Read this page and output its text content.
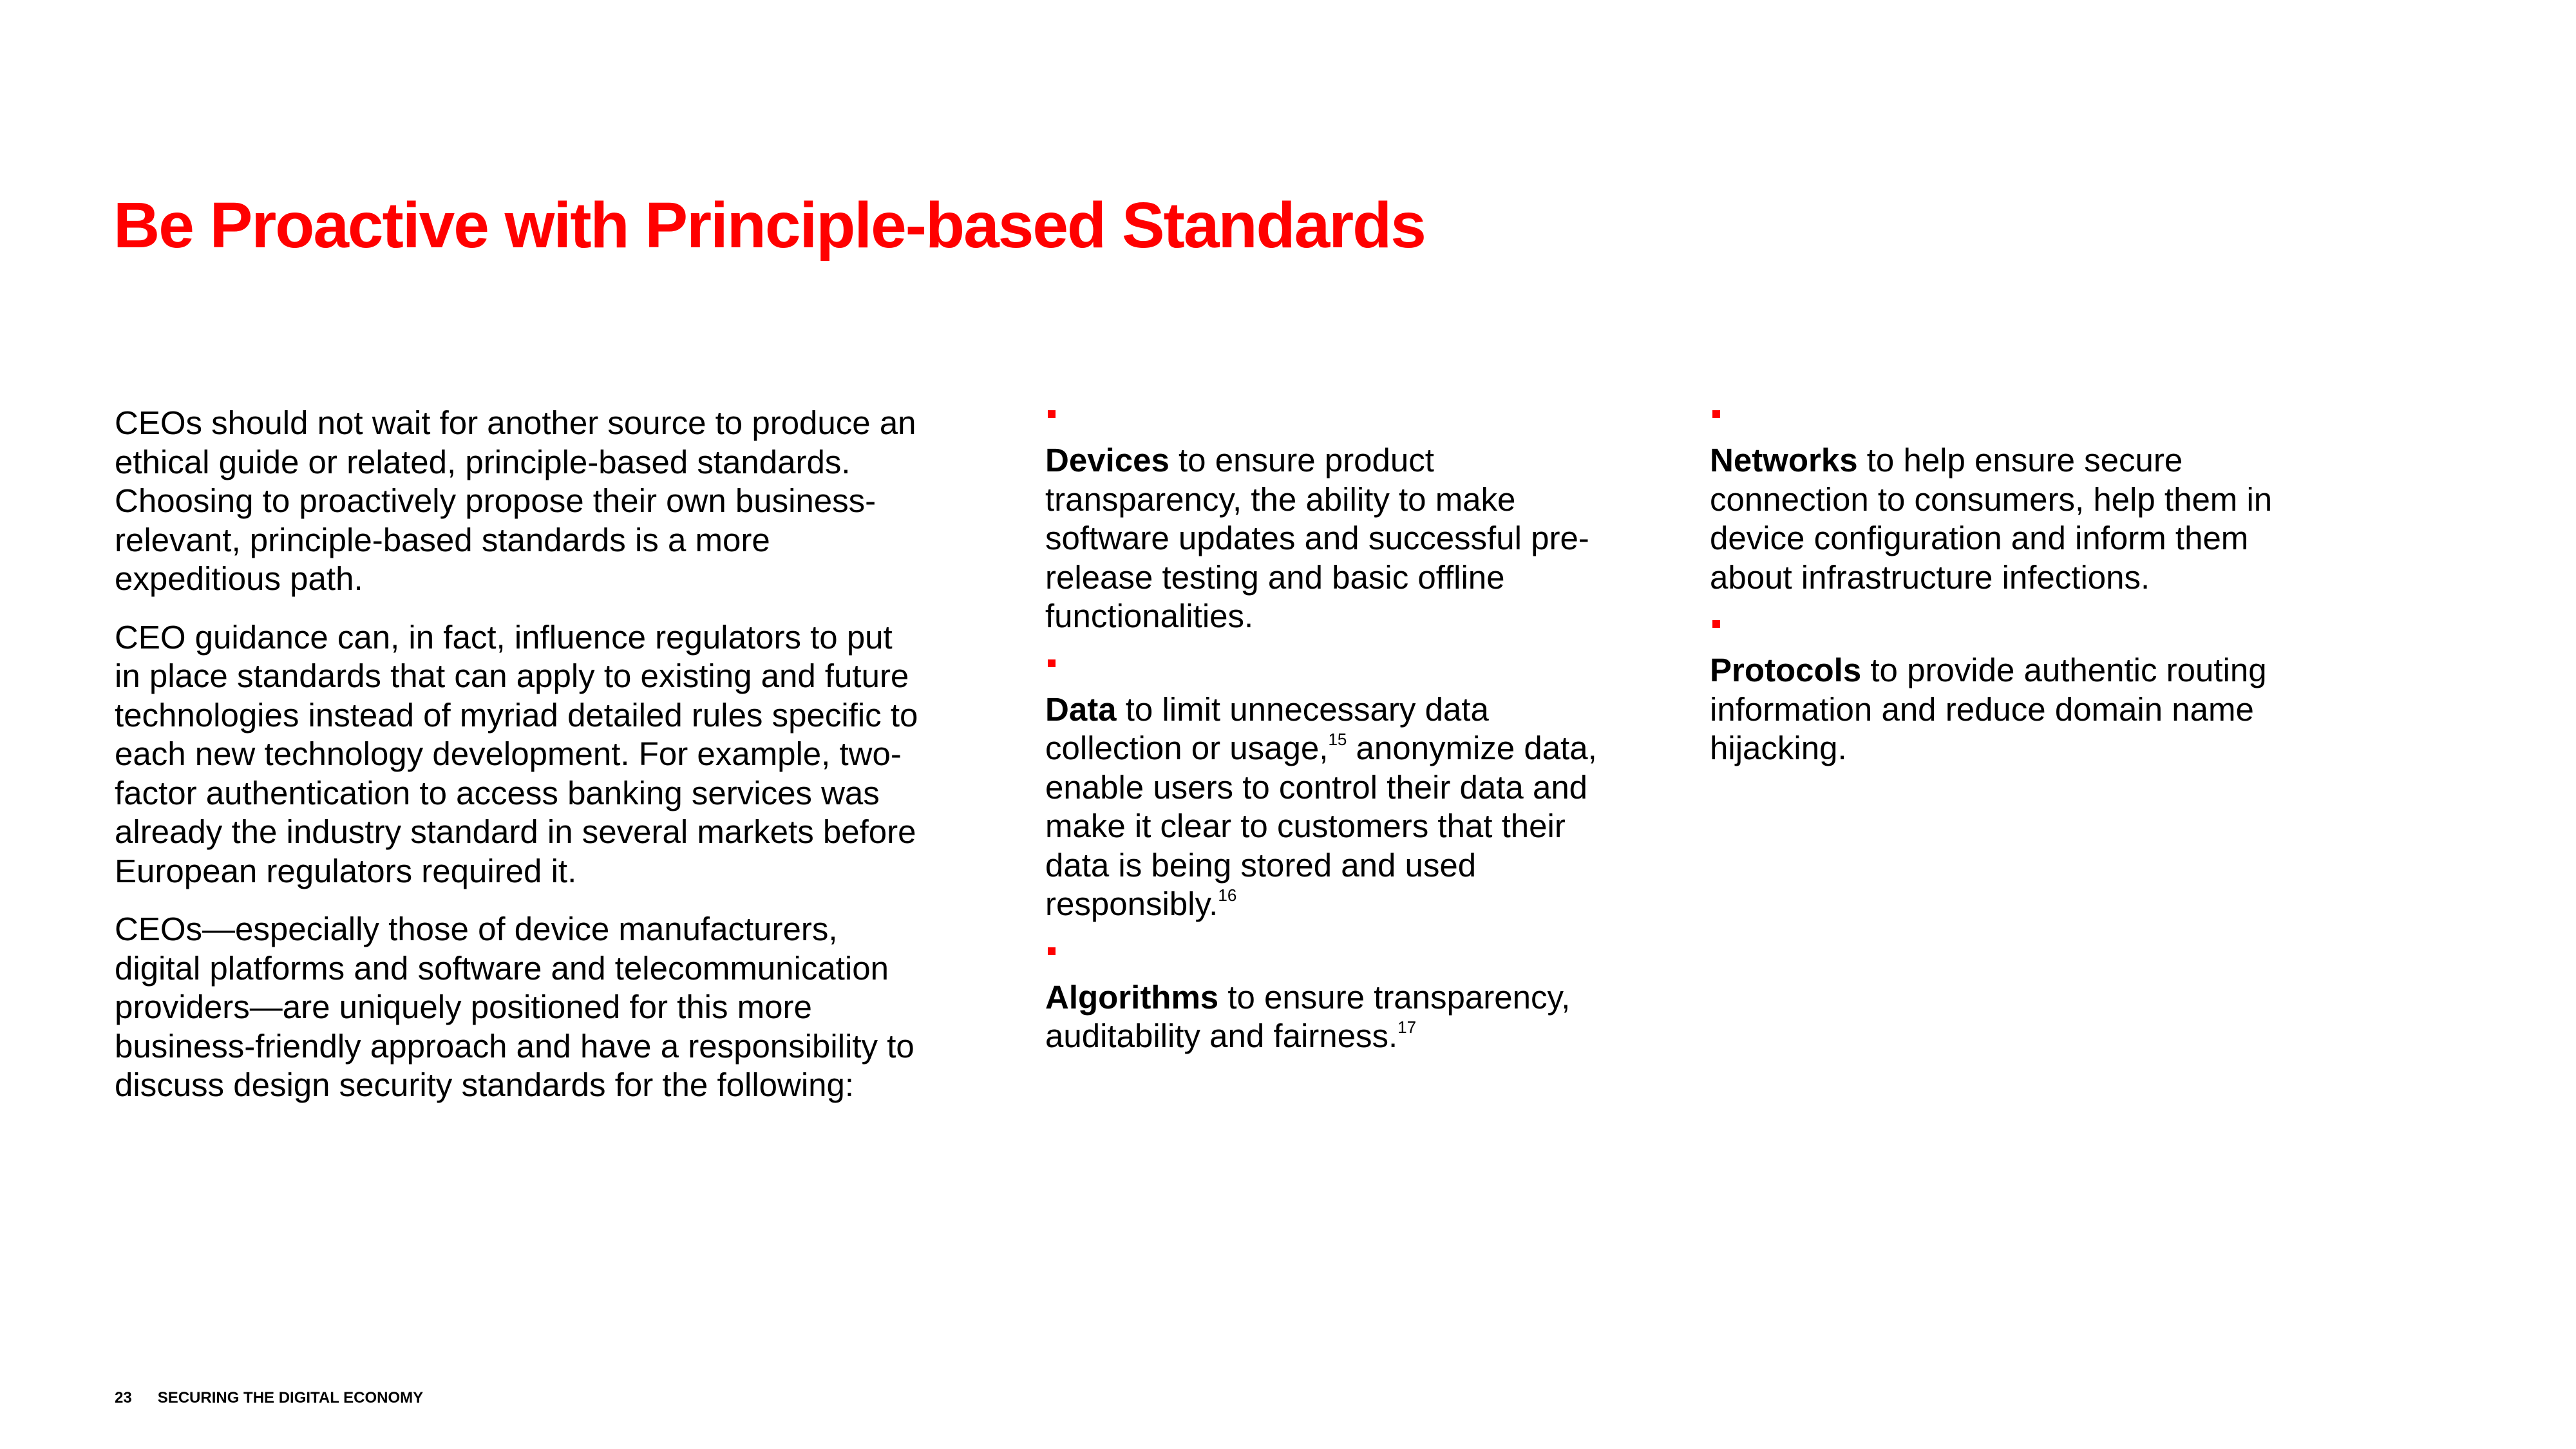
Be Proactive with Principle-based Standards

CEOs should not wait for another source to produce an ethical guide or related, principle-based standards. Choosing to proactively propose their own business-relevant, principle-based standards is a more expeditious path.

CEO guidance can, in fact, influence regulators to put in place standards that can apply to existing and future technologies instead of myriad detailed rules specific to each new technology development. For example, two-factor authentication to access banking services was already the industry standard in several markets before European regulators required it.

CEOs—especially those of device manufacturers, digital platforms and software and telecommunication providers—are uniquely positioned for this more business-friendly approach and have a responsibility to discuss design security standards for the following:

Devices to ensure product transparency, the ability to make software updates and successful pre-release testing and basic offline functionalities.

Data to limit unnecessary data collection or usage,$^{15}$ anonymize data, enable users to control their data and make it clear to customers that their data is being stored and used responsibly.$^{16}$

Algorithms to ensure transparency, auditability and fairness.$^{17}$

Networks to help ensure secure connection to consumers, help them in device configuration and inform them about infrastructure infections.

Protocols to provide authentic routing information and reduce domain name hijacking.

23 SECURING THE DIGITAL ECONOMY
